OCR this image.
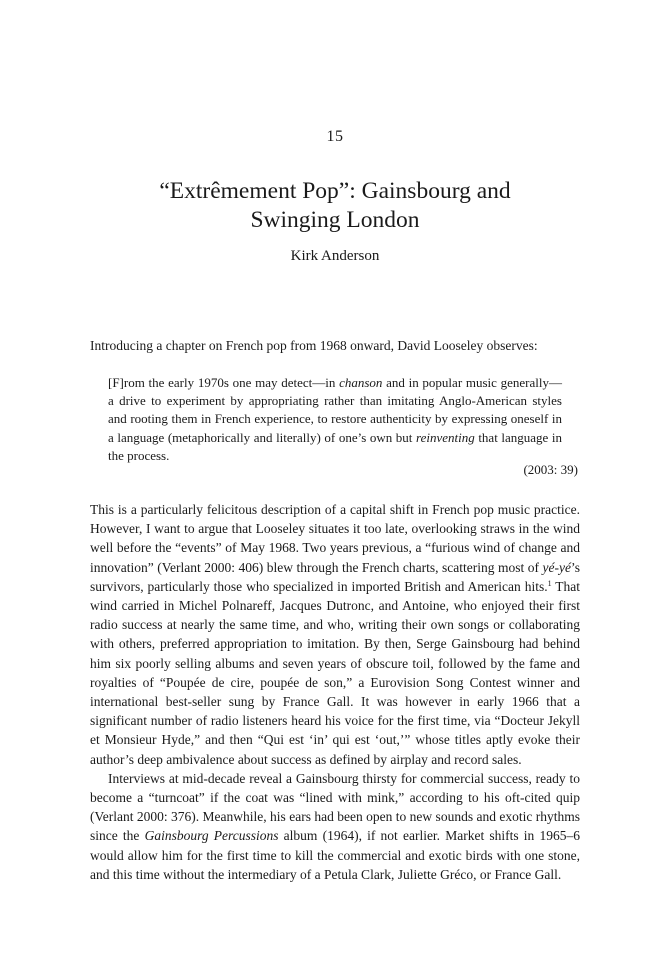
15
“Extrêmement Pop”: Gainsbourg and Swinging London
Kirk Anderson
Introducing a chapter on French pop from 1968 onward, David Looseley observes:
[F]rom the early 1970s one may detect—in chanson and in popular music generally—a drive to experiment by appropriating rather than imitating Anglo-American styles and rooting them in French experience, to restore authenticity by expressing oneself in a language (metaphorically and literally) of one’s own but reinventing that language in the process.
(2003: 39)

This is a particularly felicitous description of a capital shift in French pop music practice. However, I want to argue that Looseley situates it too late, overlooking straws in the wind well before the “events” of May 1968. Two years previous, a “furious wind of change and innovation” (Verlant 2000: 406) blew through the French charts, scattering most of yé-yé’s survivors, particularly those who specialized in imported British and American hits.$^1$ That wind carried in Michel Polnareff, Jacques Dutronc, and Antoine, who enjoyed their first radio success at nearly the same time, and who, writing their own songs or collaborating with others, preferred appropriation to imitation. By then, Serge Gainsbourg had behind him six poorly selling albums and seven years of obscure toil, followed by the fame and royalties of “Poupée de cire, poupée de son,” a Eurovision Song Contest winner and international best-seller sung by France Gall. It was however in early 1966 that a significant number of radio listeners heard his voice for the first time, via “Docteur Jekyll et Monsieur Hyde,” and then “Qui est ‘in’ qui est ‘out,’” whose titles aptly evoke their author’s deep ambivalence about success as defined by airplay and record sales.

Interviews at mid-decade reveal a Gainsbourg thirsty for commercial success, ready to become a “turncoat” if the coat was “lined with mink,” according to his oft-cited quip (Verlant 2000: 376). Meanwhile, his ears had been open to new sounds and exotic rhythms since the Gainsbourg Percussions album (1964), if not earlier. Market shifts in 1965–6 would allow him for the first time to kill the commercial and exotic birds with one stone, and this time without the intermediary of a Petula Clark, Juliette Gréco, or France Gall.
